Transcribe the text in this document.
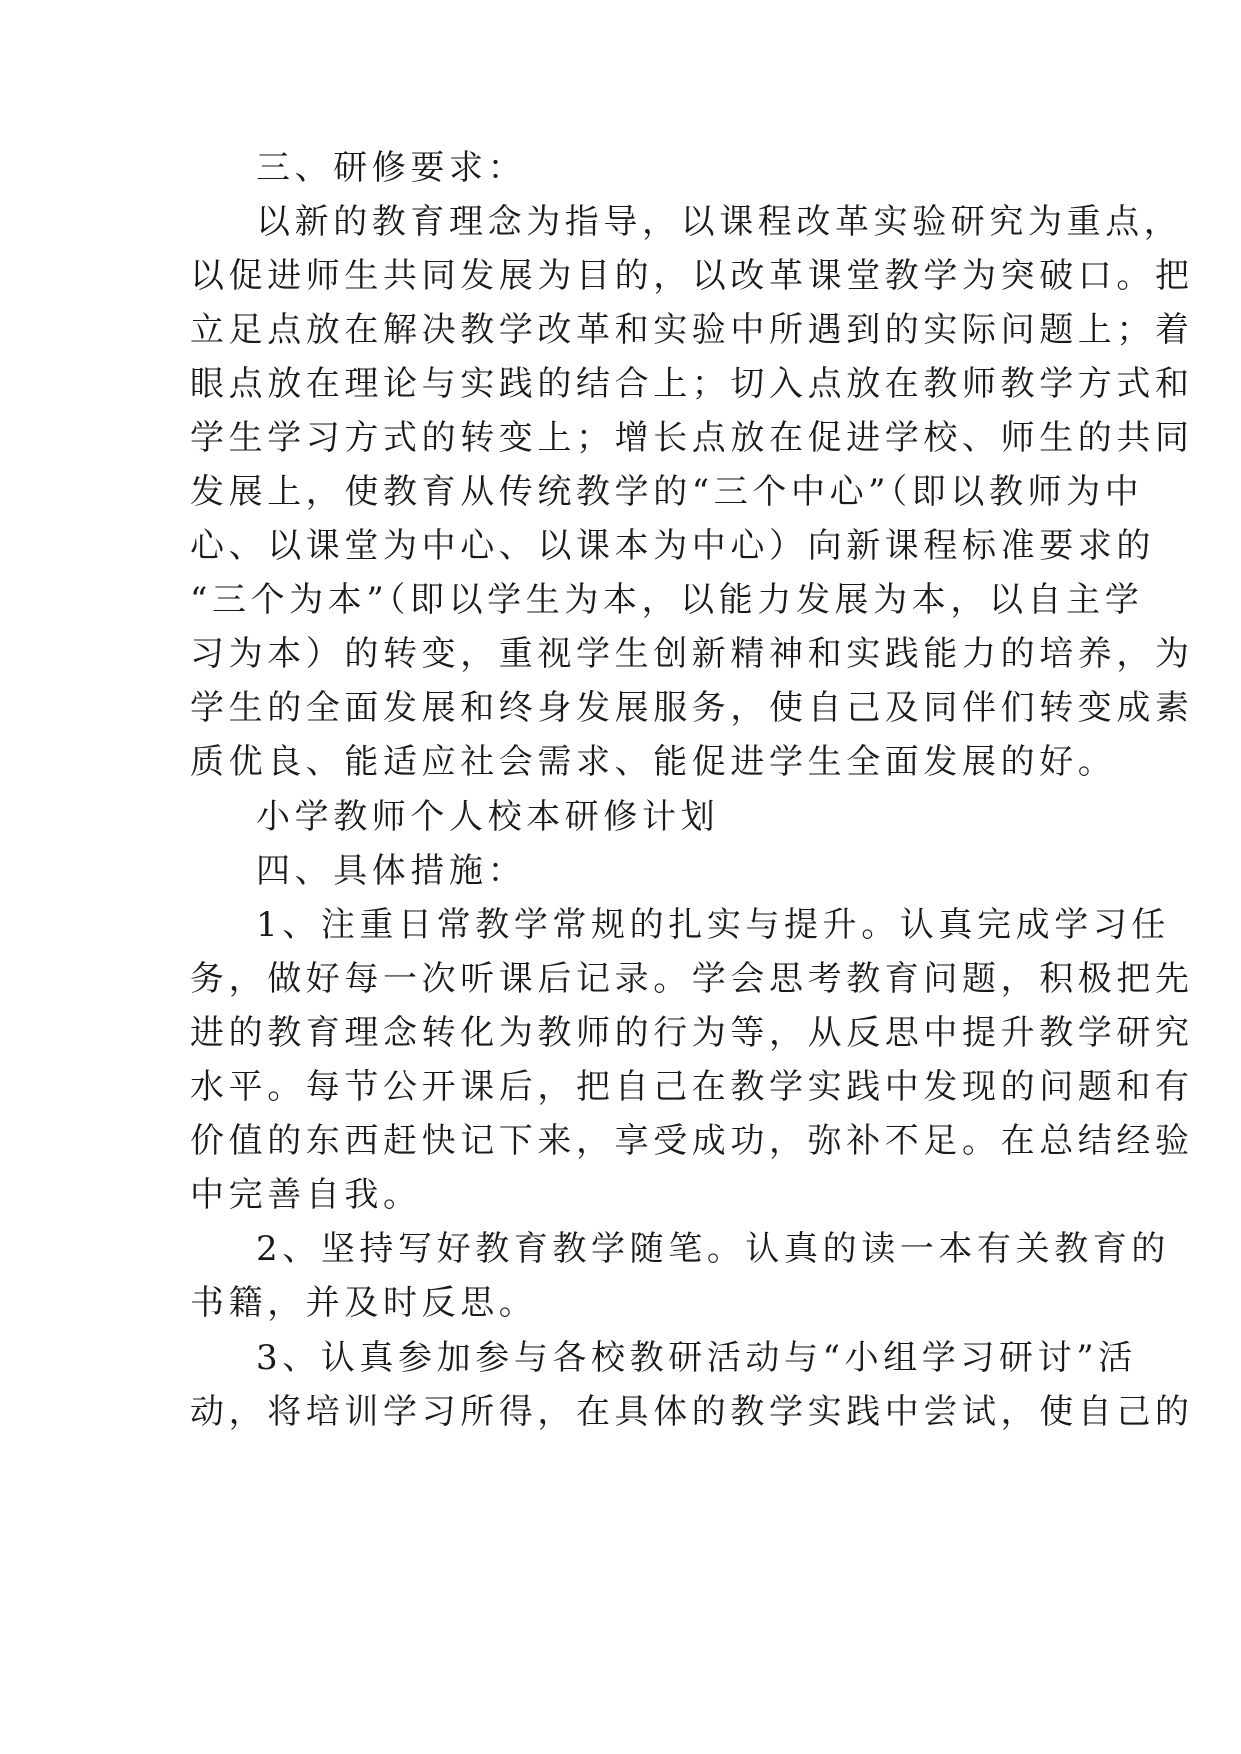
三、研修要求：
以新的教育理念为指导，以课程改革实验研究为重点，
以促进师生共同发展为目的，以改革课堂教学为突破口。把
立足点放在解决教学改革和实验中所遇到的实际问题上；着
眼点放在理论与实践的结合上；切入点放在教师教学方式和
学生学习方式的转变上；增长点放在促进学校、师生的共同
发展上，使教育从传统教学的“三个中心”（即以教师为中
心、以课堂为中心、以课本为中心）向新课程标准要求的
“三个为本”（即以学生为本，以能力发展为本，以自主学
习为本）的转变，重视学生创新精神和实践能力的培养，为
学生的全面发展和终身发展服务，使自己及同伴们转变成素
质优良、能适应社会需求、能促进学生全面发展的好。
小学教师个人校本研修计划
四、具体措施：
1、注重日常教学常规的扎实与提升。认真完成学习任
务，做好每一次听课后记录。学会思考教育问题，积极把先
进的教育理念转化为教师的行为等，从反思中提升教学研究
水平。每节公开课后，把自己在教学实践中发现的问题和有
价值的东西赶快记下来，享受成功，弥补不足。在总结经验
中完善自我。
2、坚持写好教育教学随笔。认真的读一本有关教育的
书籍，并及时反思。
3、认真参加参与各校教研活动与“小组学习研讨”活
动，将培训学习所得，在具体的教学实践中尝试，使自己的
